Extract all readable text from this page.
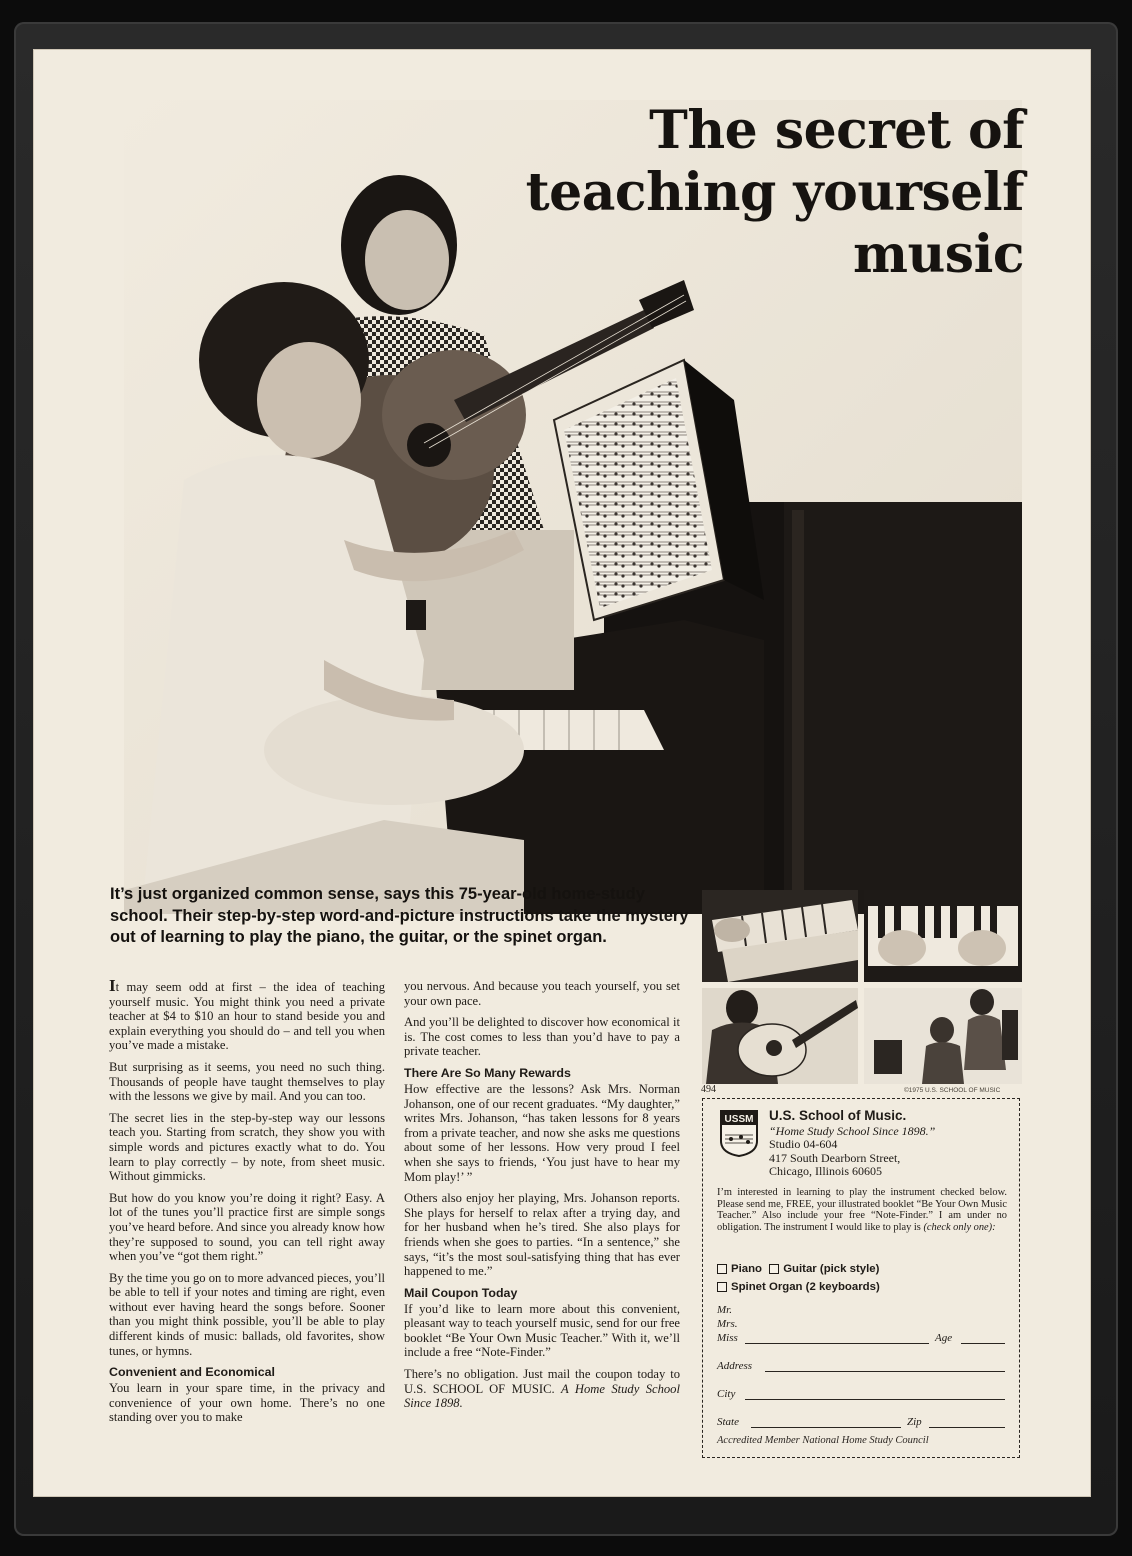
The secret of
teaching yourself
music
It’s just organized common sense, says this 75-year-old home-study school. Their step-by-step word-and-picture instructions take the mystery out of learning to play the piano, the guitar, or the spinet organ.

It may seem odd at first – the idea of teaching yourself music. You might think you need a private teacher at $4 to $10 an hour to stand beside you and explain everything you should do – and tell you when you’ve made a mistake.

But surprising as it seems, you need no such thing. Thousands of people have taught themselves to play with the lessons we give by mail. And you can too.

The secret lies in the step-by-step way our lessons teach you. Starting from scratch, they show you with simple words and pictures exactly what to do. You learn to play correctly – by note, from sheet music. Without gimmicks.

But how do you know you’re doing it right? Easy. A lot of the tunes you’ll practice first are simple songs you’ve heard before. And since you already know how they’re supposed to sound, you can tell right away when you’ve “got them right.”

By the time you go on to more advanced pieces, you’ll be able to tell if your notes and timing are right, even without ever having heard the songs before. Sooner than you might think possible, you’ll be able to play different kinds of music: ballads, old favorites, show tunes, or hymns.

Convenient and Economical

You learn in your spare time, in the privacy and convenience of your own home. There’s no one standing over you to make

you nervous. And because you teach yourself, you set your own pace.

And you’ll be delighted to discover how economical it is. The cost comes to less than you’d have to pay a private teacher.

There Are So Many Rewards

How effective are the lessons? Ask Mrs. Norman Johanson, one of our recent graduates. “My daughter,” writes Mrs. Johanson, “has taken lessons for 8 years from a private teacher, and now she asks me questions about some of her lessons. How very proud I feel when she says to friends, ‘You just have to hear my Mom play!’ ”

Others also enjoy her playing, Mrs. Johanson reports. She plays for herself to relax after a trying day, and for her husband when he’s tired. She also plays for friends when she goes to parties. “In a sentence,” she says, “it’s the most soul-satisfying thing that has ever happened to me.”

Mail Coupon Today

If you’d like to learn more about this convenient, pleasant way to teach yourself music, send for our free booklet “Be Your Own Music Teacher.” With it, we’ll include a free “Note-Finder.”

There’s no obligation. Just mail the coupon today to U.S. SCHOOL OF MUSIC. A Home Study School Since 1898.

494	©1975 U.S. SCHOOL OF MUSIC
USSM U.S. School of Music.
“Home Study School Since 1898.”
Studio 04-604
417 South Dearborn Street,
Chicago, Illinois 60605
I’m interested in learning to play the instrument checked below. Please send me, FREE, your illustrated booklet “Be Your Own Music Teacher.” Also include your free “Note-Finder.” I am under no obligation. The instrument I would like to play is (check only one):
Piano
Guitar (pick style)
Spinet Organ (2 keyboards)
Mr.
Mrs.
Miss	Age
Address
City
State	Zip
Accredited Member National Home Study Council
